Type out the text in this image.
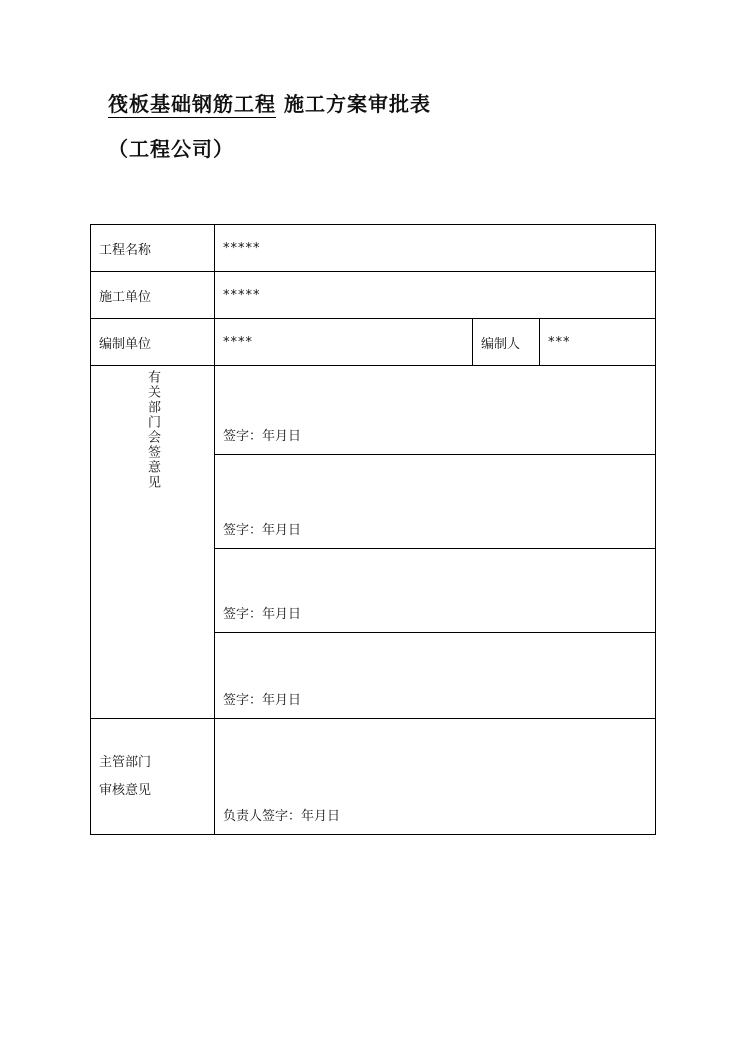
筏板基础钢筋工程 施工方案审批表
（工程公司）
工程名称	*****		
施工单位	*****		
编制单位	****	编制人	***
有关部门会签意见	签字：年月日		
	签字：年月日		
	签字：年月日		
	签字：年月日		

主管部门
审核意见	负责人签字：年月日		
